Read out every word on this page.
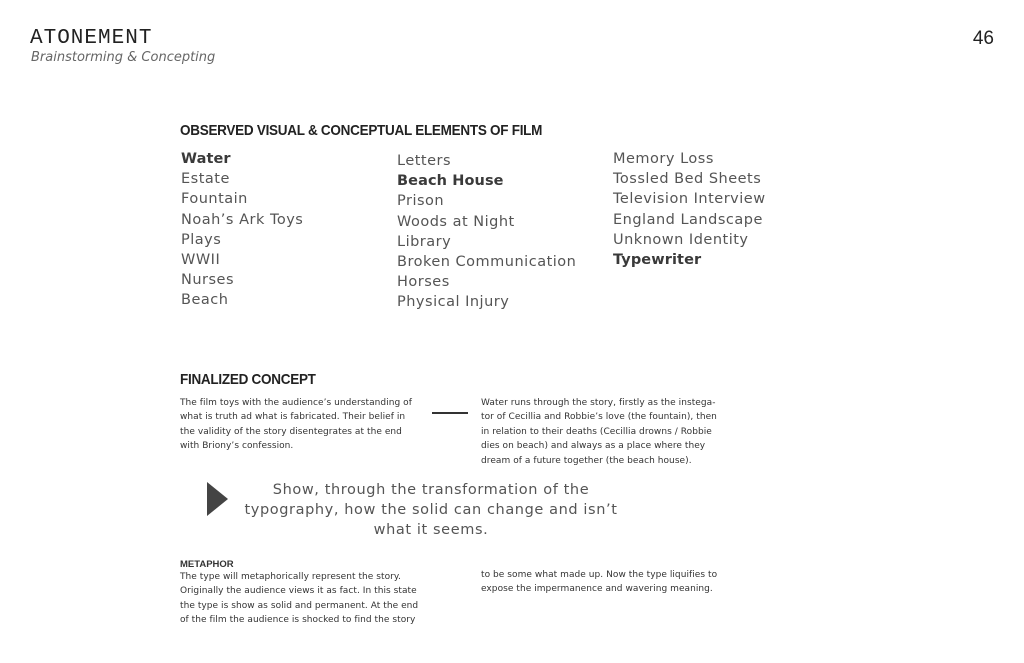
ATONEMENT
Brainstorming & Concepting
46
OBSERVED VISUAL & CONCEPTUAL ELEMENTS OF FILM
Water
Estate
Fountain
Noah’s Ark Toys
Plays
WWII
Nurses
Beach
Letters
Beach House
Prison
Woods at Night
Library
Broken Communication
Horses
Physical Injury
Memory Loss
Tossled Bed Sheets
Television Interview
England Landscape
Unknown Identity
Typewriter
FINALIZED CONCEPT
The film toys with the audience’s understanding of
what is truth ad what is fabricated. Their belief in
the validity of the story disentegrates at the end
with Briony’s confession.
Water runs through the story, firstly as the instega-
tor of Cecillia and Robbie’s love (the fountain), then
in relation to their deaths (Cecillia drowns / Robbie
dies on beach) and always as a place where they
dream of a future together (the beach house).
Show, through the transformation of the
typography, how the solid can change and isn’t
what it seems.
METAPHOR
The type will metaphorically represent the story.
Originally the audience views it as fact. In this state
the type is show as solid and permanent. At the end
of the film the audience is shocked to find the story
to be some what made up. Now the type liquifies to
expose the impermanence and wavering meaning.
